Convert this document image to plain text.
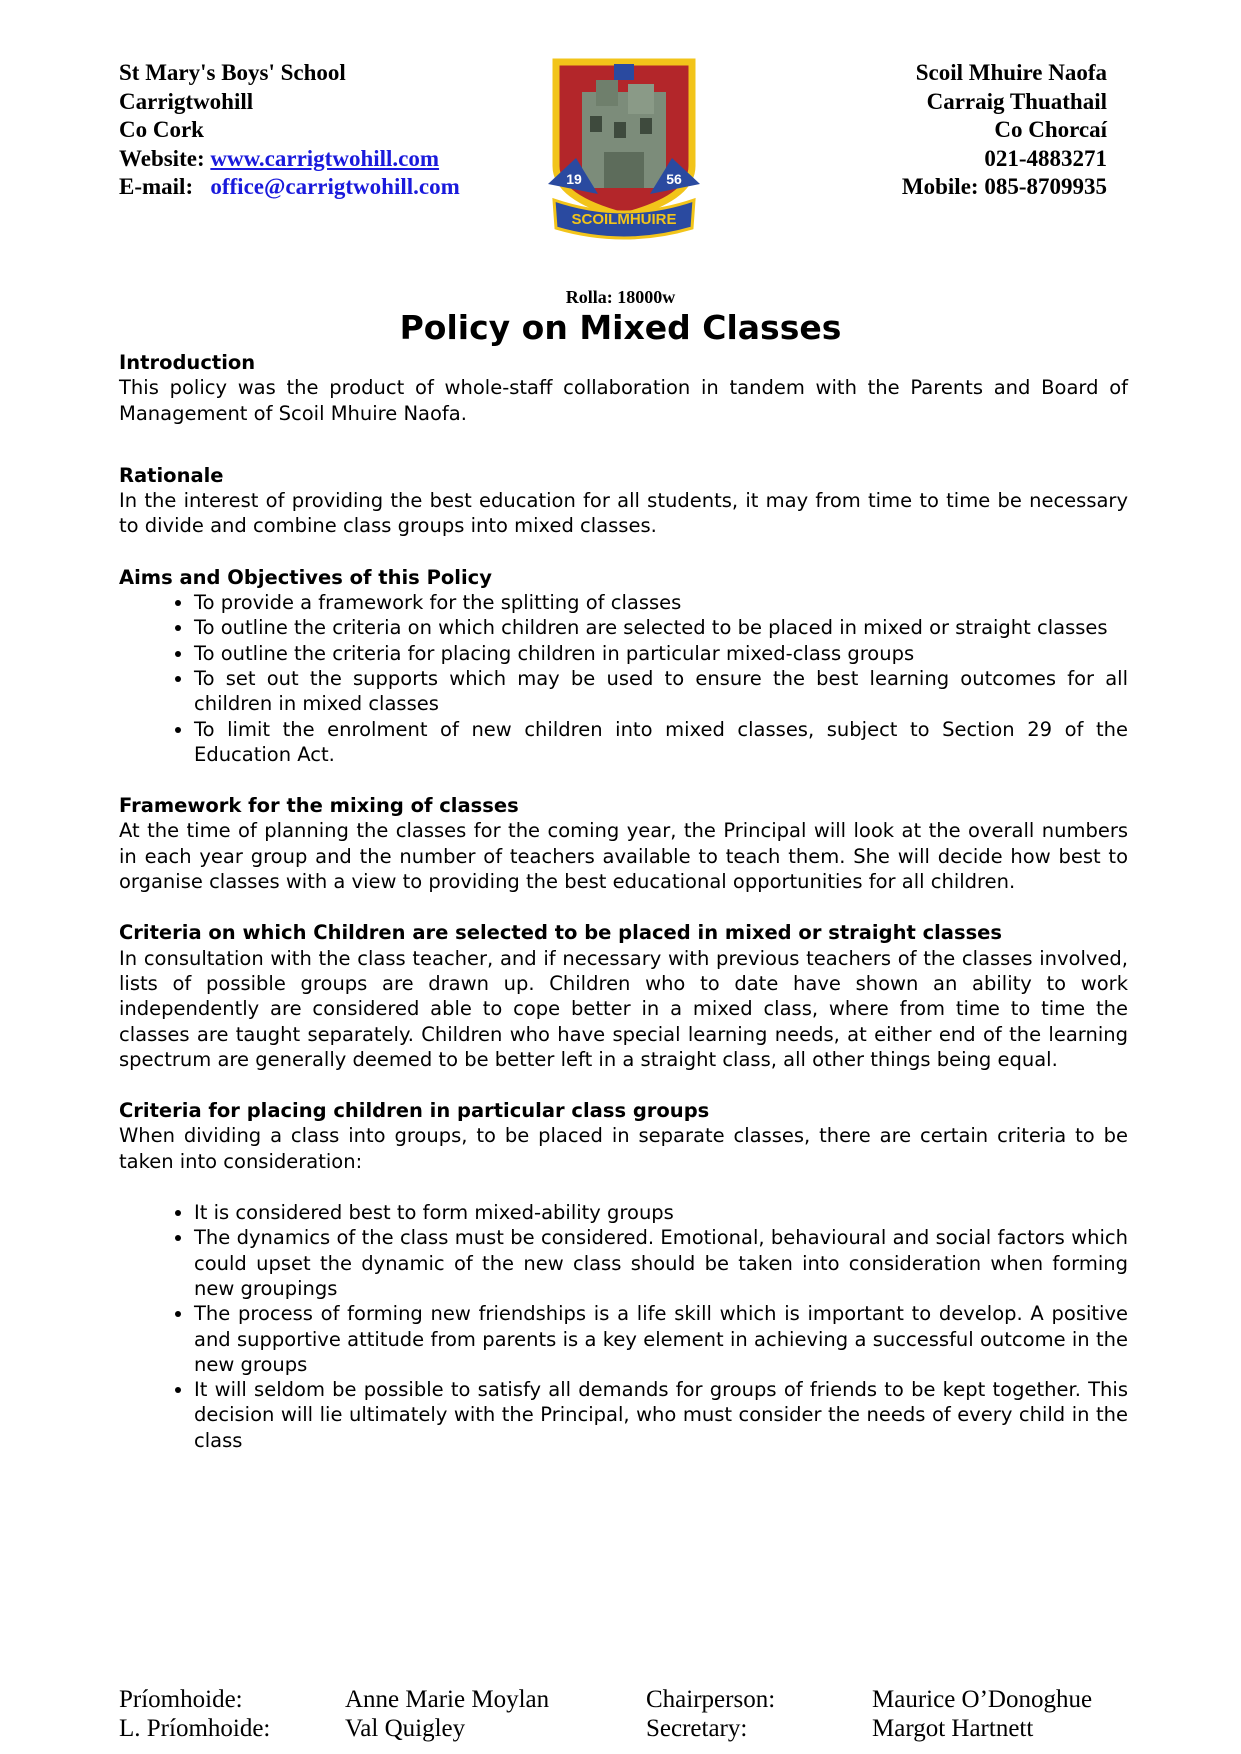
St Mary's Boys' School
Carrigtwohill
Co Cork
Website: www.carrigtwohill.com
E-mail: office@carrigtwohill.com	19	56
SCOILMHUIRE
Scoil Mhuire Naofa
Carraig Thuathail
Co Chorcaí
021-4883271
Mobile: 085-8709935
Rolla: 18000w
Policy on Mixed Classes
Introduction

This policy was the product of whole-staff collaboration in tandem with the Parents and Board of Management of Scoil Mhuire Naofa.

Rationale

In the interest of providing the best education for all students, it may from time to time be necessary to divide and combine class groups into mixed classes.

Aims and Objectives of this Policy
• To provide a framework for the splitting of classes
• To outline the criteria on which children are selected to be placed in mixed or straight classes
• To outline the criteria for placing children in particular mixed-class groups
• To set out the supports which may be used to ensure the best learning outcomes for all children in mixed classes
• To limit the enrolment of new children into mixed classes, subject to Section 29 of the Education Act.
Framework for the mixing of classes

At the time of planning the classes for the coming year, the Principal will look at the overall numbers in each year group and the number of teachers available to teach them. She will decide how best to organise classes with a view to providing the best educational opportunities for all children.

Criteria on which Children are selected to be placed in mixed or straight classes

In consultation with the class teacher, and if necessary with previous teachers of the classes involved, lists of possible groups are drawn up. Children who to date have shown an ability to work independently are considered able to cope better in a mixed class, where from time to time the classes are taught separately. Children who have special learning needs, at either end of the learning spectrum are generally deemed to be better left in a straight class, all other things being equal.

Criteria for placing children in particular class groups

When dividing a class into groups, to be placed in separate classes, there are certain criteria to be taken into consideration:

• It is considered best to form mixed-ability groups
• The dynamics of the class must be considered. Emotional, behavioural and social factors which could upset the dynamic of the new class should be taken into consideration when forming new groupings
• The process of forming new friendships is a life skill which is important to develop. A positive and supportive attitude from parents is a key element in achieving a successful outcome in the new groups
• It will seldom be possible to satisfy all demands for groups of friends to be kept together. This decision will lie ultimately with the Principal, who must consider the needs of every child in the class
Príomhoide:	Anne Marie Moylan	Chairperson:	Maurice O’Donoghue
L. Príomhoide:	Val Quigley	Secretary:	Margot Hartnett
